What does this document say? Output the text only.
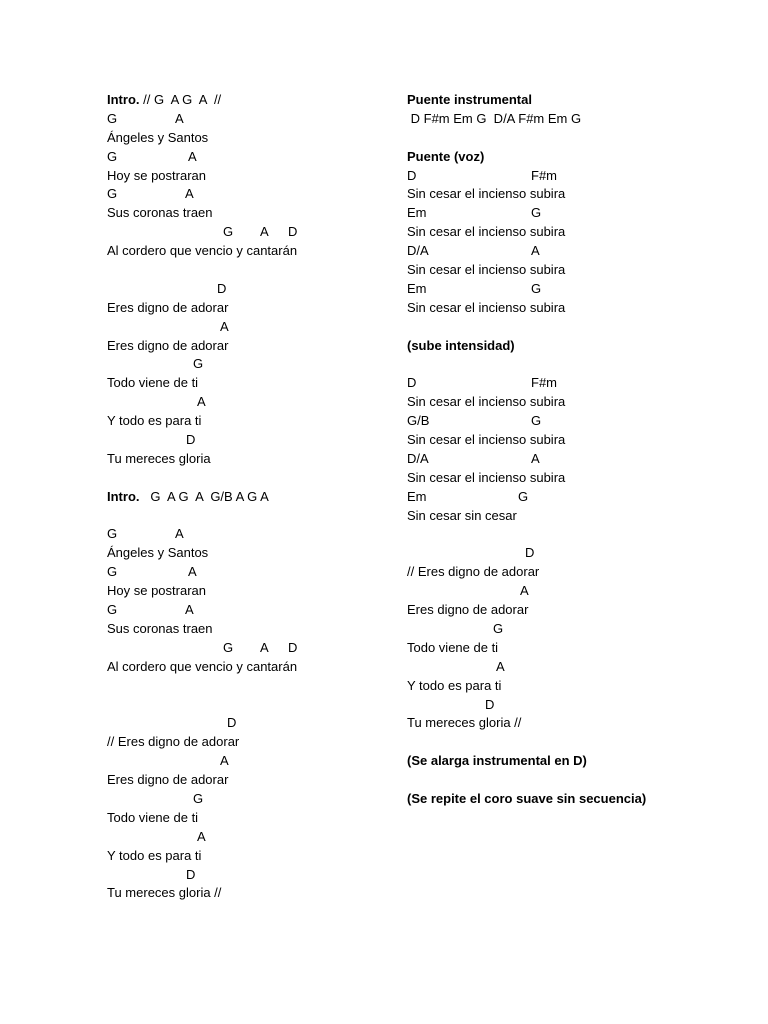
Intro. // G  A G  A  //
G	A
Ángeles y Santos
G	A
Hoy se postraran
G	A
Sus coronas traen
G A D
Al cordero que vencio y cantarán
D
Eres digno de adorar
A
Eres digno de adorar
G
Todo viene de ti
A
Y todo es para ti
D
Tu mereces gloria
Intro. G  A G  A  G/B A G A
G	A
Ángeles y Santos
G	A
Hoy se postraran
G	A
Sus coronas traen
G A D
Al cordero que vencio y cantarán
D
// Eres digno de adorar
A
Eres digno de adorar
G
Todo viene de ti
A
Y todo es para ti
D
Tu mereces gloria //
Puente instrumental
D F#m Em G  D/A F#m Em G
Puente (voz)
D	F#m
Sin cesar el incienso subira
Em	G
Sin cesar el incienso subira
D/A	A
Sin cesar el incienso subira
Em	G
Sin cesar el incienso subira
(sube intensidad)
D	F#m
Sin cesar el incienso subira
G/B	G
Sin cesar el incienso subira
D/A	A
Sin cesar el incienso subira
Em	G
Sin cesar sin cesar
D
// Eres digno de adorar
A
Eres digno de adorar
G
Todo viene de ti
A
Y todo es para ti
D
Tu mereces gloria //
(Se alarga instrumental en D)
(Se repite el coro suave sin secuencia)
